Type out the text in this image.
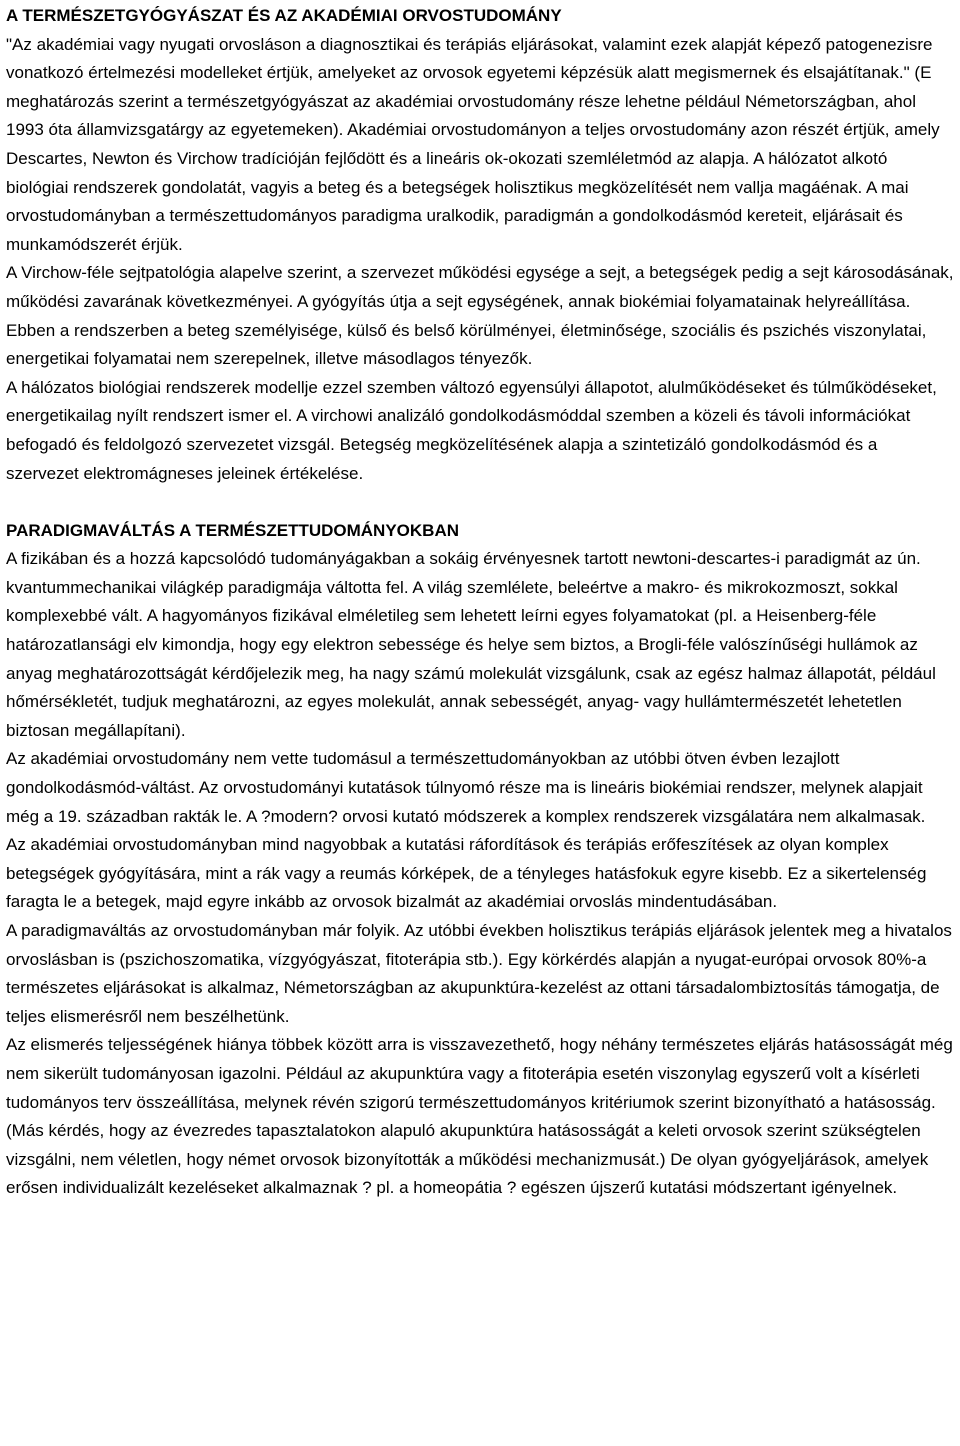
A TERMÉSZETGYÓGYÁSZAT ÉS AZ AKADÉMIAI ORVOSTUDOMÁNY

"Az akadémiai vagy nyugati orvosláson a diagnosztikai és terápiás eljárásokat, valamint ezek alapját képező patogenezisre vonatkozó értelmezési modelleket értjük, amelyeket az orvosok egyetemi képzésük alatt megismernek és elsajátítanak." (E meghatározás szerint a természetgyógyászat az akadémiai orvostudomány része lehetne például Németországban, ahol 1993 óta államvizsgatárgy az egyetemeken). Akadémiai orvostudományon a teljes orvostudomány azon részét értjük, amely Descartes, Newton és Virchow tradícióján fejlődött és a lineáris ok-okozati szemléletmód az alapja. A hálózatot alkotó biológiai rendszerek gondolatát, vagyis a beteg és a betegségek holisztikus megközelítését nem vallja magáénak. A mai orvostudományban a természettudományos paradigma uralkodik, paradigmán a gondolkodásmód kereteit, eljárásait és munkamódszerét érjük.

A Virchow-féle sejtpatológia alapelve szerint, a szervezet működési egysége a sejt, a betegségek pedig a sejt károsodásának, működési zavarának következményei. A gyógyítás útja a sejt egységének, annak biokémiai folyamatainak helyreállítása. Ebben a rendszerben a beteg személyisége, külső és belső körülményei, életminősége, szociális és pszichés viszonylatai, energetikai folyamatai nem szerepelnek, illetve másodlagos tényezők.

A hálózatos biológiai rendszerek modellje ezzel szemben változó egyensúlyi állapotot, alulműködéseket és túlműködéseket, energetikailag nyílt rendszert ismer el. A virchowi analizáló gondolkodásmóddal szemben a közeli és távoli információkat befogadó és feldolgozó szervezetet vizsgál. Betegség megközelítésének alapja a szintetizáló gondolkodásmód és a szervezet elektromágneses jeleinek értékelése.

PARADIGMAVÁLTÁS A TERMÉSZETTUDOMÁNYOKBAN

A fizikában és a hozzá kapcsolódó tudományágakban a sokáig érvényesnek tartott newtoni-descartes-i paradigmát az ún. kvantummechanikai világkép paradigmája váltotta fel. A világ szemlélete, beleértve a makro- és mikrokozmoszt, sokkal komplexebbé vált. A hagyományos fizikával elméletileg sem lehetett leírni egyes folyamatokat (pl. a Heisenberg-féle határozatlansági elv kimondja, hogy egy elektron sebessége és helye sem biztos, a Brogli-féle valószínűségi hullámok az anyag meghatározottságát kérdőjelezik meg, ha nagy számú molekulát vizsgálunk, csak az egész halmaz állapotát, például hőmérsékletét, tudjuk meghatározni, az egyes molekulát, annak sebességét, anyag- vagy hullámtermészetét lehetetlen biztosan megállapítani).

Az akadémiai orvostudomány nem vette tudomásul a természettudományokban az utóbbi ötven évben lezajlott gondolkodásmód-váltást. Az orvostudományi kutatások túlnyomó része ma is lineáris biokémiai rendszer, melynek alapjait még a 19. században rakták le. A ?modern? orvosi kutató módszerek a komplex rendszerek vizsgálatára nem alkalmasak.

Az akadémiai orvostudományban mind nagyobbak a kutatási ráfordítások és terápiás erőfeszítések az olyan komplex betegségek gyógyítására, mint a rák vagy a reumás kórképek, de a tényleges hatásfokuk egyre kisebb. Ez a sikertelenség faragta le a betegek, majd egyre inkább az orvosok bizalmát az akadémiai orvoslás mindentudásában.

A paradigmaváltás az orvostudományban már folyik. Az utóbbi években holisztikus terápiás eljárások jelentek meg a hivatalos orvoslásban is (pszichoszomatika, vízgyógyászat, fitoterápia stb.). Egy körkérdés alapján a nyugat-európai orvosok 80%-a természetes eljárásokat is alkalmaz, Németországban az akupunktúra-kezelést az ottani társadalombiztosítás támogatja, de teljes elismerésről nem beszélhetünk.

Az elismerés teljességének hiánya többek között arra is visszavezethető, hogy néhány természetes eljárás hatásosságát még nem sikerült tudományosan igazolni. Például az akupunktúra vagy a fitoterápia esetén viszonylag egyszerű volt a kísérleti tudományos terv összeállítása, melynek révén szigorú természettudományos kritériumok szerint bizonyítható a hatásosság. (Más kérdés, hogy az évezredes tapasztalatokon alapuló akupunktúra hatásosságát a keleti orvosok szerint szükségtelen vizsgálni, nem véletlen, hogy német orvosok bizonyították a működési mechanizmusát.) De olyan gyógyeljárások, amelyek erősen individualizált kezeléseket alkalmaznak ? pl. a homeopátia ? egészen újszerű kutatási módszertant igényelnek.
